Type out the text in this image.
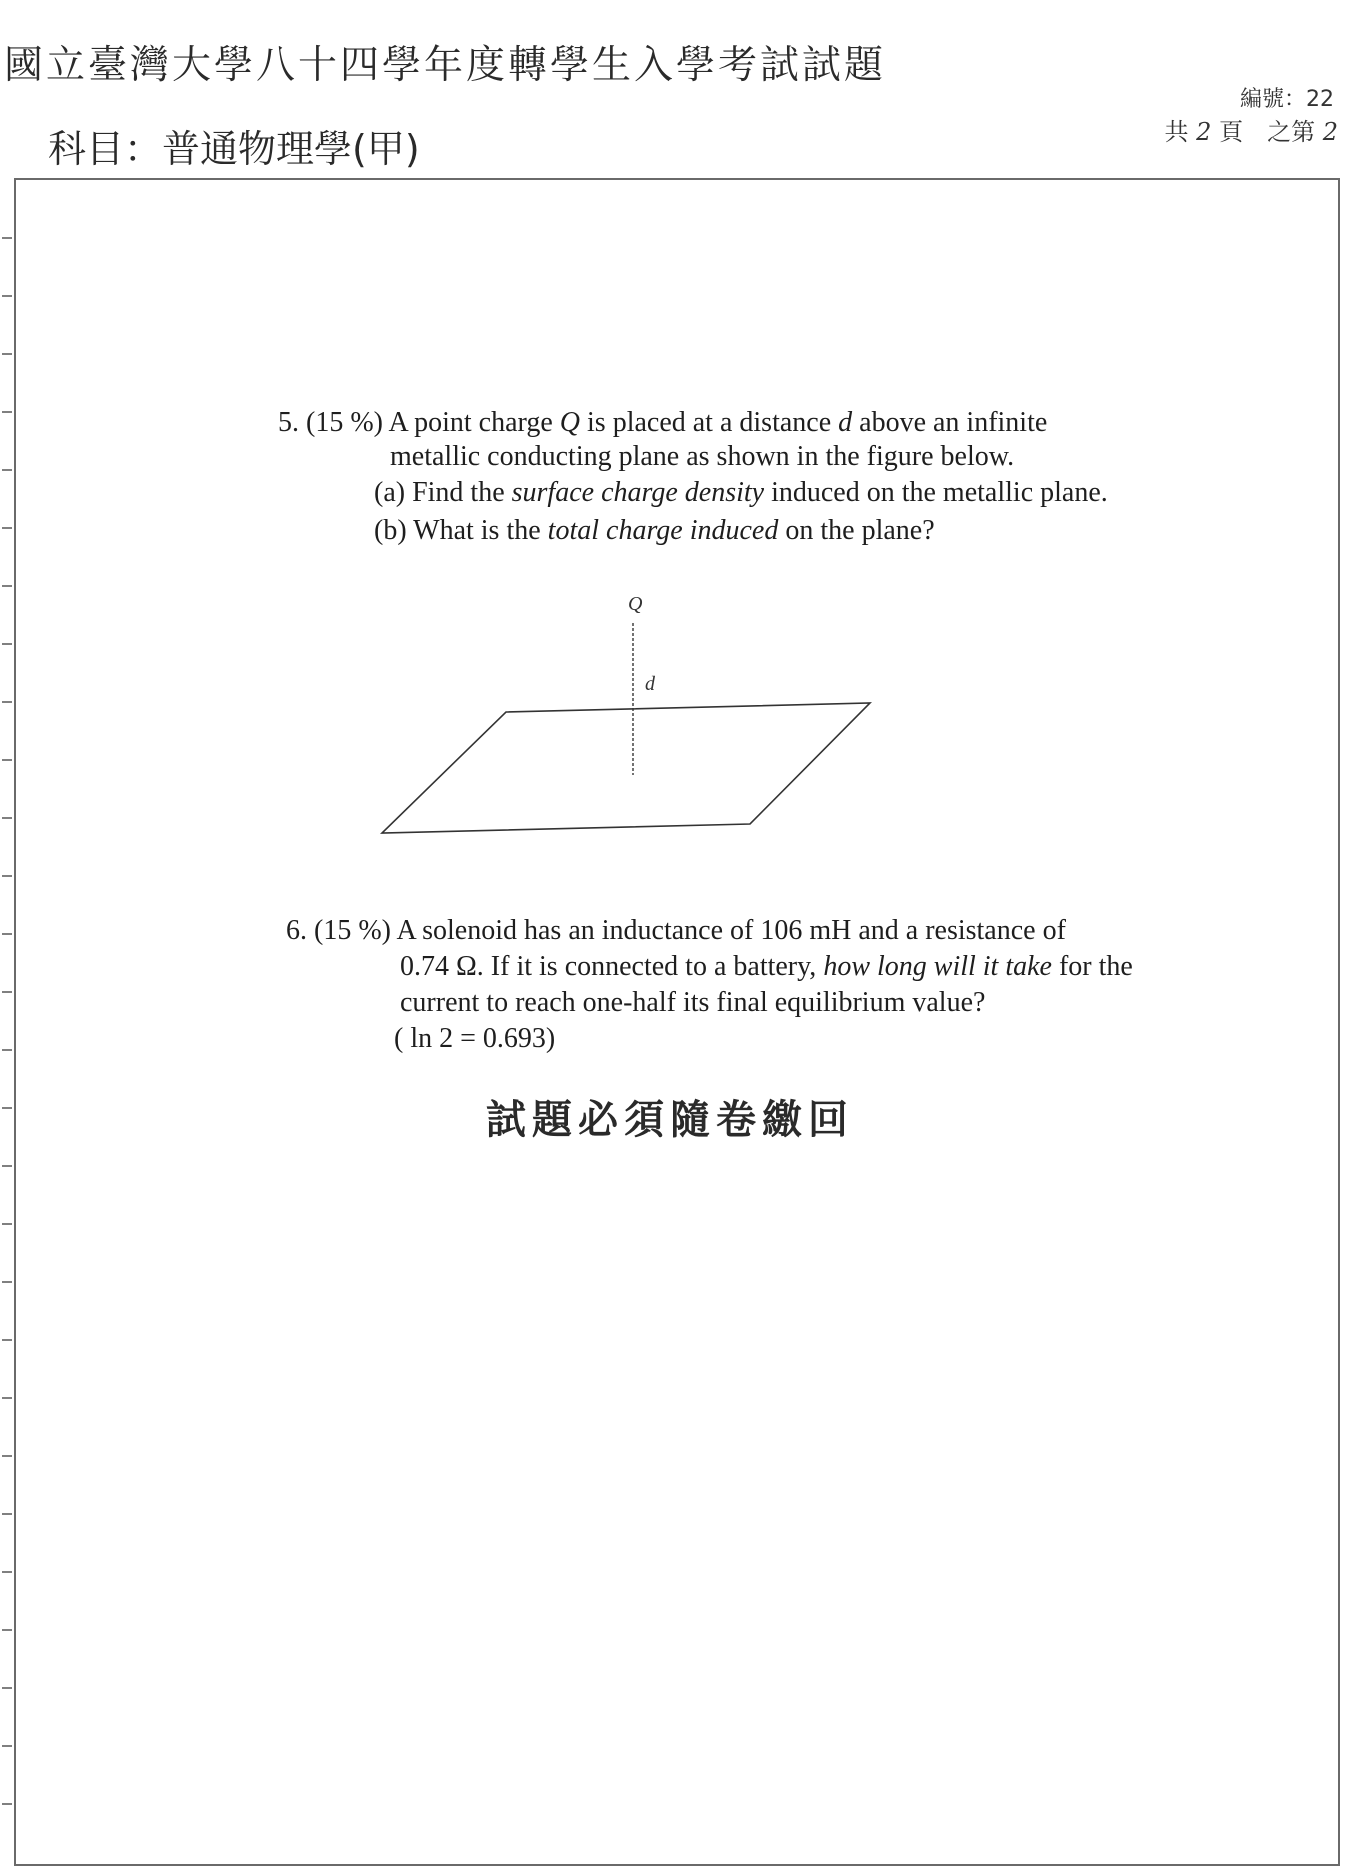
國立臺灣大學八十四學年度轉學生入學考試試題
科目：普通物理學(甲)
編號：22
共 2 頁　之第 2
5. (15 %) A point charge Q is placed at a distance d above an infinite
metallic conducting plane as shown in the figure below.
(a) Find the surface charge density induced on the metallic plane.
(b) What is the total charge induced on the plane?
Q
d
6. (15 %) A solenoid has an inductance of 106 mH and a resistance of
0.74 Ω. If it is connected to a battery, how long will it take for the
current to reach one-half its final equilibrium value?
( ln 2 = 0.693)
試題必須隨卷繳回
